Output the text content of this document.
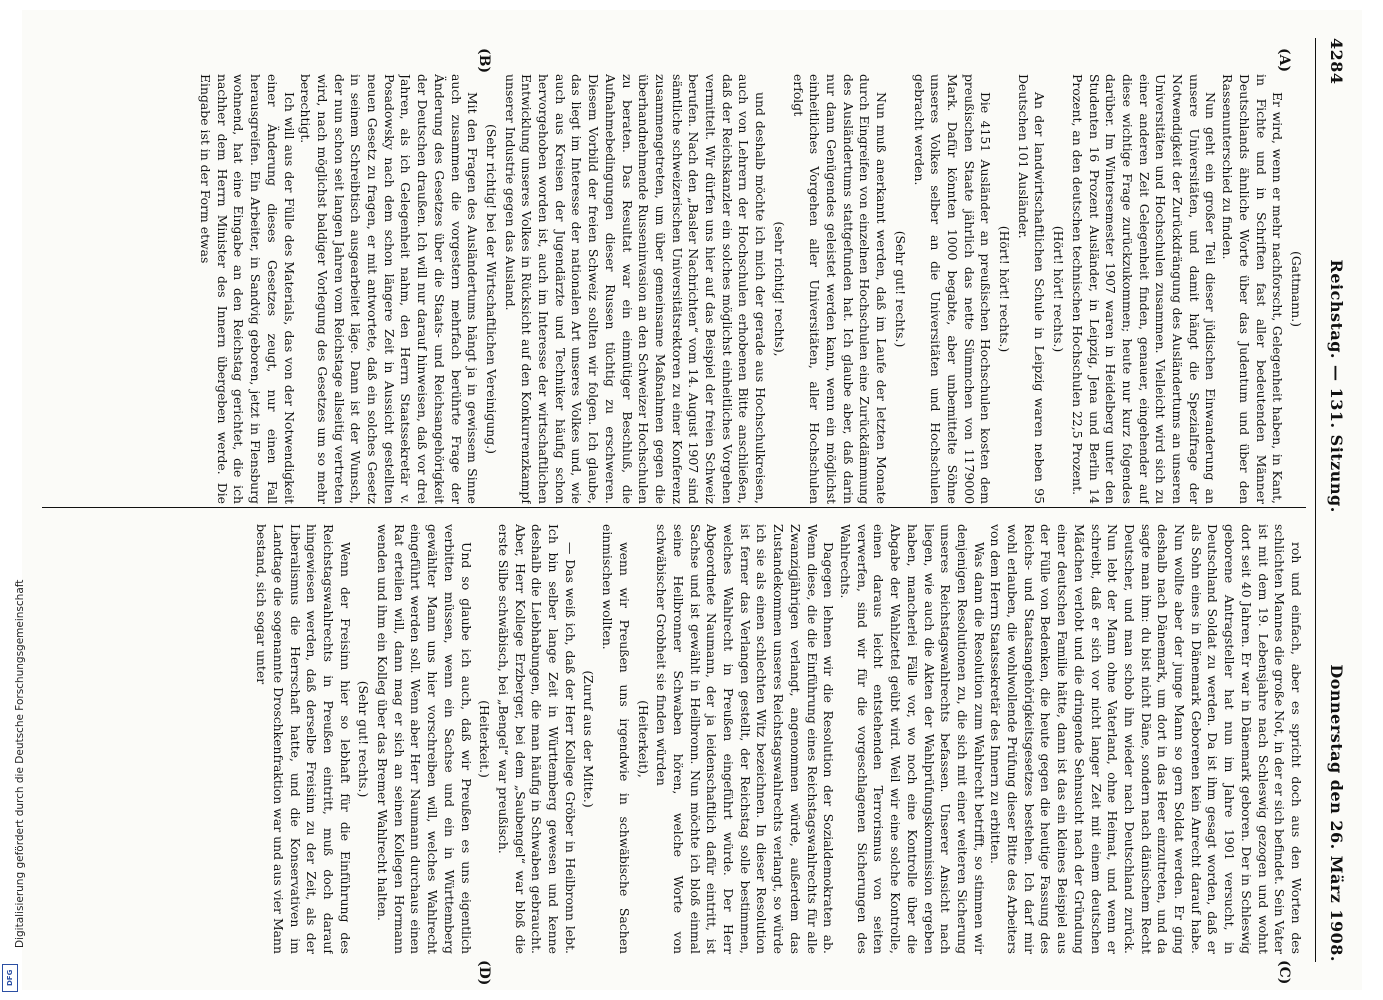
4284
Reichstag. — 131. Sitzung.
Donnerstag den 26. März 1908.
(A)
(B)
(C)
(D)

(Gattmann.)

Er wird, wenn er mehr nachforscht, Gelegenheit haben, in Kant, in Fichte und in Schriften fast aller bedeutenden Männer Deutschlands ähnliche Worte über das Judentum und über den Rassenunterschied zu finden.

Nun geht ein großer Teil dieser jüdischen Einwanderung an unsere Universitäten, und damit hängt die Spezialfrage der Notwendigkeit der Zurückdrängung des Ausländertums an unseren Universitäten und Hochschulen zusammen. Vielleicht wird sich zu einer anderen Zeit Gelegenheit finden, genauer, eingehender auf diese wichtige Frage zurückzukommen; heute nur kurz folgendes darüber. Im Wintersemester 1907 waren in Heidelberg unter den Studenten 16 Prozent Ausländer, in Leipzig, Jena und Berlin 14 Prozent, an den deutschen technischen Hochschulen 22,5 Prozent.

(Hört! hört! rechts.)

An der landwirtschaftlichen Schule in Leipzig waren neben 95 Deutschen 101 Ausländer.

(Hört! hört! rechts.)

Die 4151 Ausländer an preußischen Hochschulen kosten dem preußischen Staate jährlich das nette Sümmchen von 1179000 Mark. Dafür könnten 1000 begabte, aber unbemittelte Söhne unseres Volkes selber an die Universitäten und Hochschulen gebracht werden.

(Sehr gut! rechts.)

Nun muß anerkannt werden, daß im Laufe der letzten Monate durch Eingreifen von einzelnen Hochschulen eine Zurückdämmung des Ausländertums stattgefunden hat. Ich glaube aber, daß darin nur dann Genügendes geleistet werden kann, wenn ein möglichst einheitliches Vorgehen aller Universitäten, aller Hochschulen erfolgt

(sehr richtig! rechts),

und deshalb möchte ich mich der gerade aus Hochschulkreisen, auch von Lehrern der Hochschulen erhobenen Bitte anschließen, daß der Reichskanzler ein solches möglichst einheitliches Vorgehen vermittelt. Wir dürfen uns hier auf das Beispiel der freien Schweiz berufen. Nach den „Basler Nachrichten“ vom 14. August 1907 sind sämtliche schweizerischen Universitätsrektoren zu einer Konferenz zusammengetreten, um über gemeinsame Maßnahmen gegen die überhandnehmende Russeninvasion an den Schweizer Hochschulen zu beraten. Das Resultat war ein einmütiger Beschluß, die Aufnahmebedingungen dieser Russen tüchtig zu erschweren. Diesem Vorbild der freien Schweiz sollten wir folgen. Ich glaube, das liegt im Interesse der nationalen Art unseres Volkes und, wie auch aus Kreisen der Jugendärzte und Techniker häufig schon hervorgehoben worden ist, auch im Interesse der wirtschaftlichen Entwicklung unseres Volkes in Rücksicht auf den Konkurrenzkampf unserer Industrie gegen das Ausland.

(Sehr richtig! bei der Wirtschaftlichen Vereinigung.)

Mit den Fragen des Ausländertums hängt ja in gewissem Sinne auch zusammen die vorgestern mehrfach berührte Frage der Änderung des Gesetzes über die Staats- und Reichsangehörigkeit der Deutschen draußen. Ich will nur darauf hinweisen, daß vor drei Jahren, als ich Gelegenheit nahm, den Herrn Staatssekretär v. Posadowsky nach dem schon längere Zeit in Aussicht gestellten neuen Gesetz zu fragen, er mit antwortete, daß ein solches Gesetz in seinem Schreibtisch ausgearbeitet läge. Dann ist der Wunsch, der nun schon seit langen Jahren vom Reichstage allseitig vertreten wird, nach möglichst baldiger Vorlegung des Gesetzes um so mehr berechtigt.

Ich will aus der Fülle des Materials, das von der Notwendigkeit einer Änderung dieses Gesetzes zeugt, nur einen Fall herausgreifen. Ein Arbeiter, in Sandvig geboren, jetzt in Flensburg wohnend, hat eine Eingabe an den Reichstag gerichtet, die ich nachher dem Herrn Minister des Innern übergeben werde. Die Eingabe ist in der Form etwas

roh und einfach, aber es spricht doch aus den Worten des schlichten Mannes die große Not, in der er sich befindet. Sein Vater ist mit dem 19. Lebensjahre nach Schleswig gezogen und wohnt dort seit 40 Jahren. Er war in Dänemark geboren. Der in Schleswig geborene Antragsteller hat nun im Jahre 1901 versucht, in Deutschland Soldat zu werden. Da ist ihm gesagt worden, daß er als Sohn eines in Dänemark Geborenen kein Anrecht darauf habe. Nun wollte aber der junge Mann so gern Soldat werden. Er ging deshalb nach Dänemark, um dort in das Heer einzutreten, und da sagte man ihm: du bist nicht Däne, sondern nach dänischem Recht Deutscher, und man schob ihn wieder nach Deutschland zurück. Nun lebt der Mann ohne Vaterland, ohne Heimat, und wenn er schreibt, daß er sich vor nicht langer Zeit mit einem deutschen Mädchen verlobt und die dringende Sehnsucht nach der Gründung einer deutschen Familie hätte, dann ist das ein kleines Beispiel aus der Fülle von Bedenken, die heute gegen die heutige Fassung des Reichs- und Staatsangehörigkeitsgesetzes bestehen. Ich darf mir wohl erlauben, die wohlwollende Prüfung dieser Bitte des Arbeiters von dem Herrn Staatssekretär des Innern zu erbitten.

Was dann die Resolution zum Wahlrecht betrifft, so stimmen wir denjenigen Resolutionen zu, die sich mit einer weiteren Sicherung unseres Reichstagswahlrechts befassen. Unserer Ansicht nach liegen, wie auch die Akten der Wahlprüfungskommission ergeben haben, mancherlei Fälle vor, wo noch eine Kontrolle über die Abgabe der Wahlzettel geübt wird. Weil wir eine solche Kontrolle, einen daraus leicht entstehenden Terrorismus von seiten verwerfen, sind wir für die vorgeschlagenen Sicherungen des Wahlrechts.

Dagegen lehnen wir die Resolution der Sozialdemokraten ab. Wenn diese, die die Einführung eines Reichstagswahlrechts für alle Zwanzigjährigen verlangt, angenommen würde, außerdem das Zustandekommen unseres Reichstagswahlrechts verlangt, so würde ich sie als einen schlechten Witz bezeichnen. In dieser Resolution ist ferner das Verlangen gestellt, der Reichstag solle bestimmen, welches Wahlrecht in Preußen eingeführt würde. Der Herr Abgeordnete Naumann, der ja leidenschaftlich dafür eintritt, ist Sachse und ist gewählt in Heilbronn. Nun möchte ich bloß einmal seine Heilbronner Schwaben hören, welche Worte von schwäbischer Grobheit sie finden würden

(Heiterkeit),

wenn wir Preußen uns irgendwie in schwäbische Sachen einmischen wollten.

(Zuruf aus der Mitte.)

— Das weiß ich, daß der Herr Kollege Gröber in Heilbronn lebt. Ich bin selber lange Zeit in Württemberg gewesen und kenne deshalb die Liebhabungen, die man häufig in Schwaben gebraucht. Aber, Herr Kollege Erzberger, bei dem „Saubengel“ war bloß die erste Silbe schwäbisch, bei „Bengel“ war preußisch.

(Heiterkeit.)

Und so glaube ich auch, daß wir Preußen es uns eigentlich verbitten müssen, wenn ein Sachse und ein in Württemberg gewählter Mann uns hier vorschreiben will, welches Wahlrecht eingeführt werden soll. Wenn aber Herr Naumann durchaus einen Rat erteilen will, dann mag er sich an seinen Kollegen Hormann wenden und ihm ein Kolleg über das Bremer Wahlrecht halten.

(Sehr gut! rechts.)

Wenn der Freisinn hier so lebhaft für die Einführung des Reichstagswahlrechts in Preußen eintritt, muß doch darauf hingewiesen werden, daß derselbe Freisinn zu der Zeit, als der Liberalismus die Herrschaft hatte, und die Konservativen im Landtage die sogenannte Droschkenfraktion war und aus vier Mann bestand, sich sogar unter

Digitalisierung gefördert durch die Deutsche Forschungsgemeinschaft
DFG
